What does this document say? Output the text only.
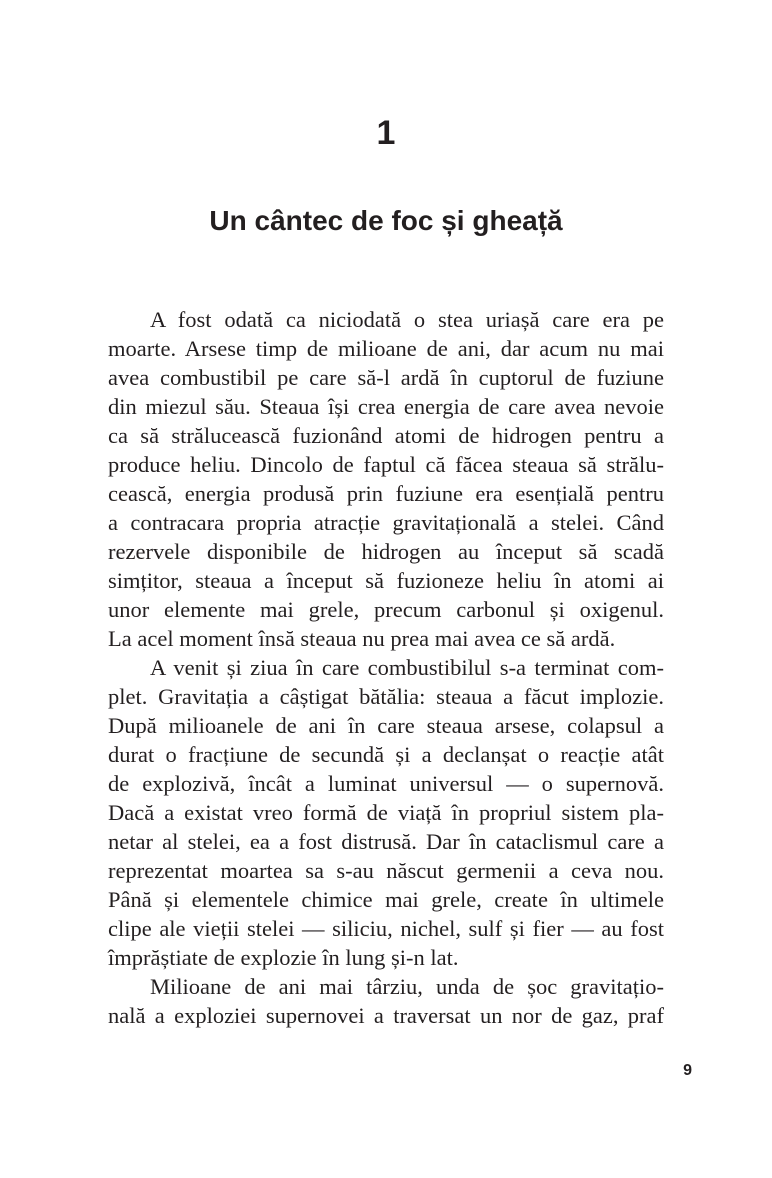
1
Un cântec de foc și gheață
A fost odată ca niciodată o stea uriașă care era pe
moarte. Arsese timp de milioane de ani, dar acum nu mai
avea combustibil pe care să-l ardă în cuptorul de fuziune
din miezul său. Steaua își crea energia de care avea nevoie
ca să strălucească fuzionând atomi de hidrogen pentru a
produce heliu. Dincolo de faptul că făcea steaua să strălu-
cească, energia produsă prin fuziune era esențială pentru
a contracara propria atracție gravitațională a stelei. Când
rezervele disponibile de hidrogen au început să scadă
simțitor, steaua a început să fuzioneze heliu în atomi ai
unor elemente mai grele, precum carbonul și oxigenul.
La acel moment însă steaua nu prea mai avea ce să ardă.
A venit și ziua în care combustibilul s-a terminat com-
plet. Gravitația a câștigat bătălia: steaua a făcut implozie.
După milioanele de ani în care steaua arsese, colapsul a
durat o fracțiune de secundă și a declanșat o reacție atât
de explozivă, încât a luminat universul — o supernovă.
Dacă a existat vreo formă de viață în propriul sistem pla-
netar al stelei, ea a fost distrusă. Dar în cataclismul care a
reprezentat moartea sa s-au născut germenii a ceva nou.
Până și elementele chimice mai grele, create în ultimele
clipe ale vieții stelei — siliciu, nichel, sulf și fier — au fost
împrăștiate de explozie în lung și-n lat.
Milioane de ani mai târziu, unda de șoc gravitațio-
nală a exploziei supernovei a traversat un nor de gaz, praf
9
